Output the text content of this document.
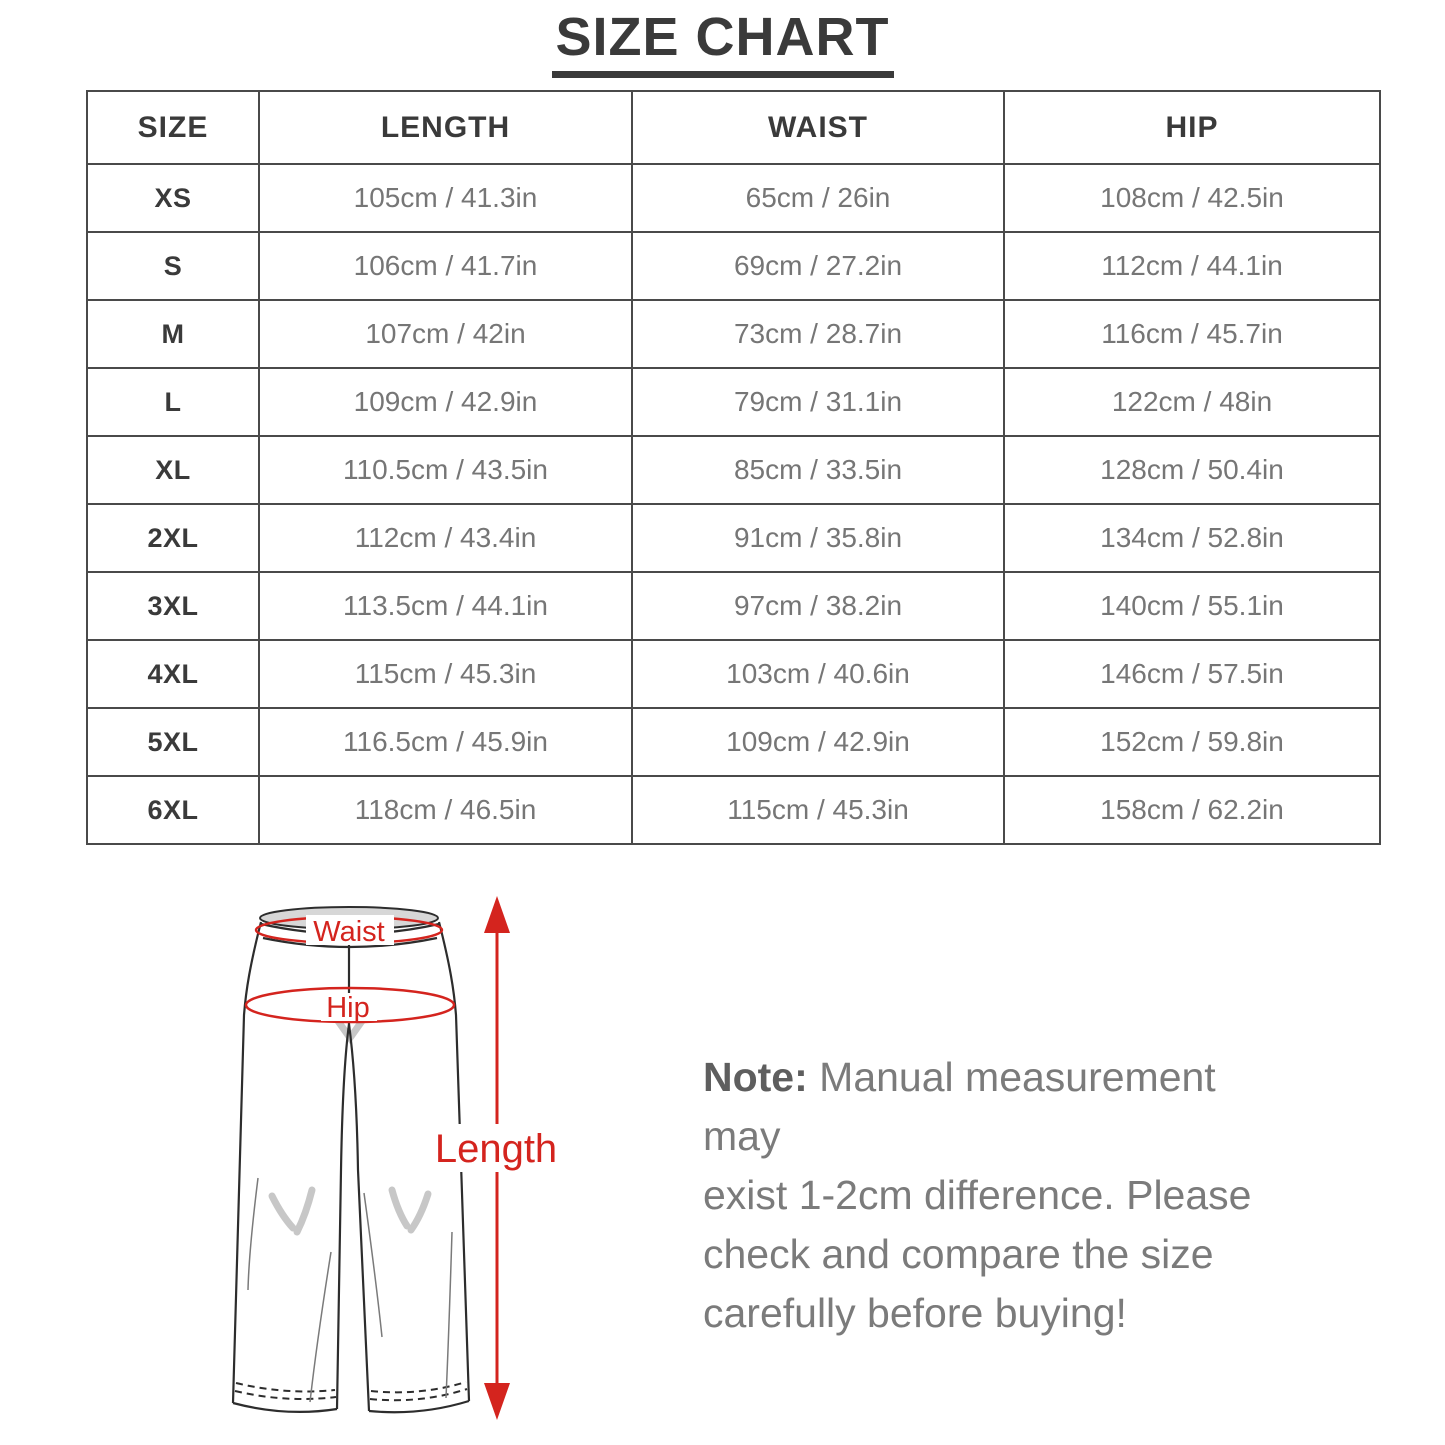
SIZE CHART
SIZE	LENGTH	WAIST	HIP
XS	105cm / 41.3in	65cm / 26in	108cm / 42.5in
S	106cm / 41.7in	69cm / 27.2in	112cm / 44.1in
M	107cm / 42in	73cm / 28.7in	116cm / 45.7in
L	109cm / 42.9in	79cm / 31.1in	122cm / 48in
XL	110.5cm / 43.5in	85cm / 33.5in	128cm / 50.4in
2XL	112cm / 43.4in	91cm / 35.8in	134cm / 52.8in
3XL	113.5cm / 44.1in	97cm / 38.2in	140cm / 55.1in
4XL	115cm / 45.3in	103cm / 40.6in	146cm / 57.5in
5XL	116.5cm / 45.9in	109cm / 42.9in	152cm / 59.8in
6XL	118cm / 46.5in	115cm / 45.3in	158cm / 62.2in
Waist
Hip
Length
Note: Manual measurement may
exist 1-2cm difference. Please
check and compare the size
carefully before buying!
